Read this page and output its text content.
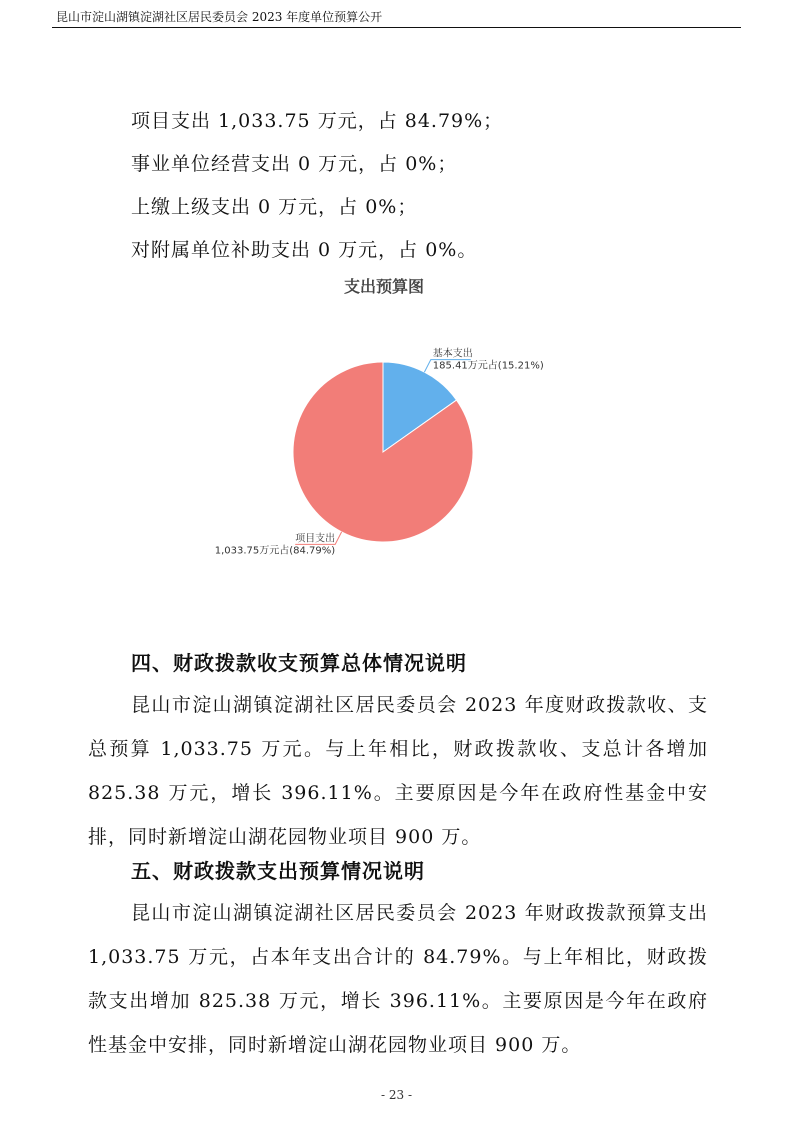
昆山市淀山湖镇淀湖社区居民委员会 2023 年度单位预算公开
项目支出 1,033.75 万元，占 84.79%；
事业单位经营支出 0 万元，占 0%；
上缴上级支出 0 万元，占 0%；
对附属单位补助支出 0 万元，占 0%。
支出预算图
基本支出
185.41万元占(15.21%)
项目支出
1,033.75万元占(84.79%)
四、财政拨款收支预算总体情况说明
昆山市淀山湖镇淀湖社区居民委员会 2023 年度财政拨款收、支总预算 1,033.75 万元。与上年相比，财政拨款收、支总计各增加 825.38 万元，增长 396.11%。主要原因是今年在政府性基金中安排，同时新增淀山湖花园物业项目 900 万。
五、财政拨款支出预算情况说明
昆山市淀山湖镇淀湖社区居民委员会 2023 年财政拨款预算支出 1,033.75 万元，占本年支出合计的 84.79%。与上年相比，财政拨款支出增加 825.38 万元，增长 396.11%。主要原因是今年在政府性基金中安排，同时新增淀山湖花园物业项目 900 万。
- 23 -
